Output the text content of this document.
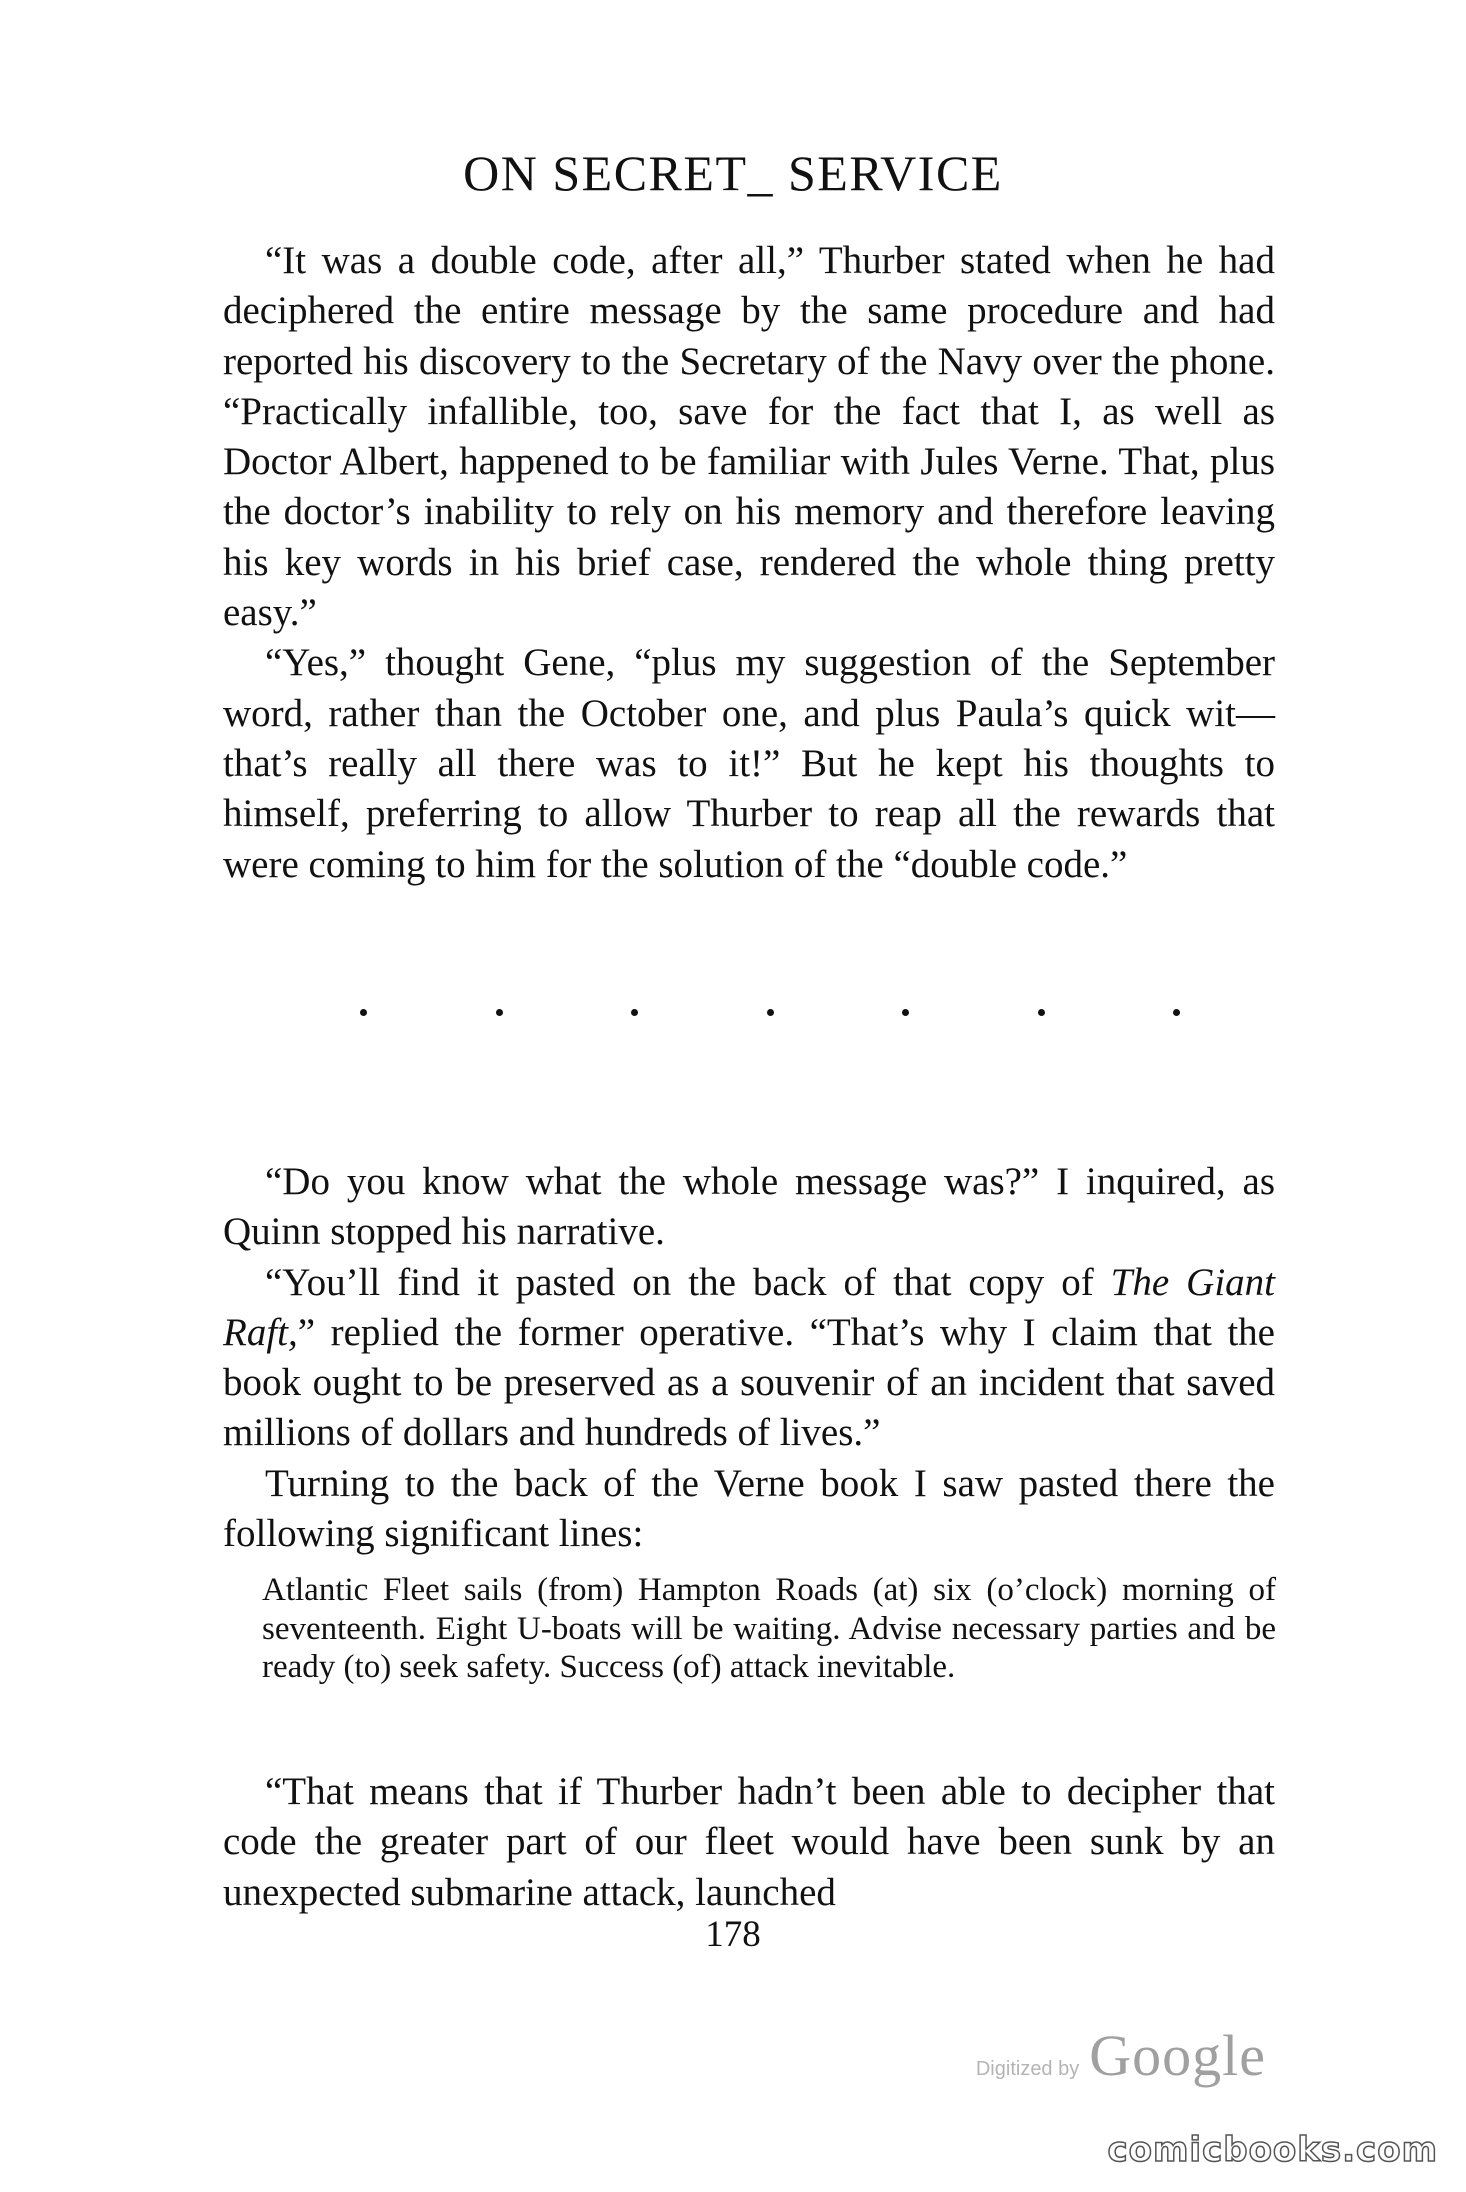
ON SECRET_ SERVICE

“It was a double code, after all,” Thurber stated when he had deciphered the entire message by the same procedure and had reported his discovery to the Secretary of the Navy over the phone. “Practically infallible, too, save for the fact that I, as well as Doctor Albert, happened to be familiar with Jules Verne. That, plus the doctor’s inability to rely on his memory and therefore leaving his key words in his brief case, rendered the whole thing pretty easy.”

“Yes,” thought Gene, “plus my suggestion of the September word, rather than the October one, and plus Paula’s quick wit—that’s really all there was to it!” But he kept his thoughts to himself, preferring to allow Thurber to reap all the rewards that were coming to him for the solution of the “double code.”

“Do you know what the whole message was?” I inquired, as Quinn stopped his narrative.

“You’ll find it pasted on the back of that copy of The Giant Raft,” replied the former operative. “That’s why I claim that the book ought to be preserved as a souvenir of an incident that saved millions of dollars and hundreds of lives.”

Turning to the back of the Verne book I saw pasted there the following significant lines:

Atlantic Fleet sails (from) Hampton Roads (at) six (o’clock) morning of seventeenth. Eight U-boats will be waiting. Advise necessary parties and be ready (to) seek safety. Success (of) attack inevitable.

“That means that if Thurber hadn’t been able to decipher that code the greater part of our fleet would have been sunk by an unexpected submarine attack, launched

178
Digitized by Google
comicbooks.com
